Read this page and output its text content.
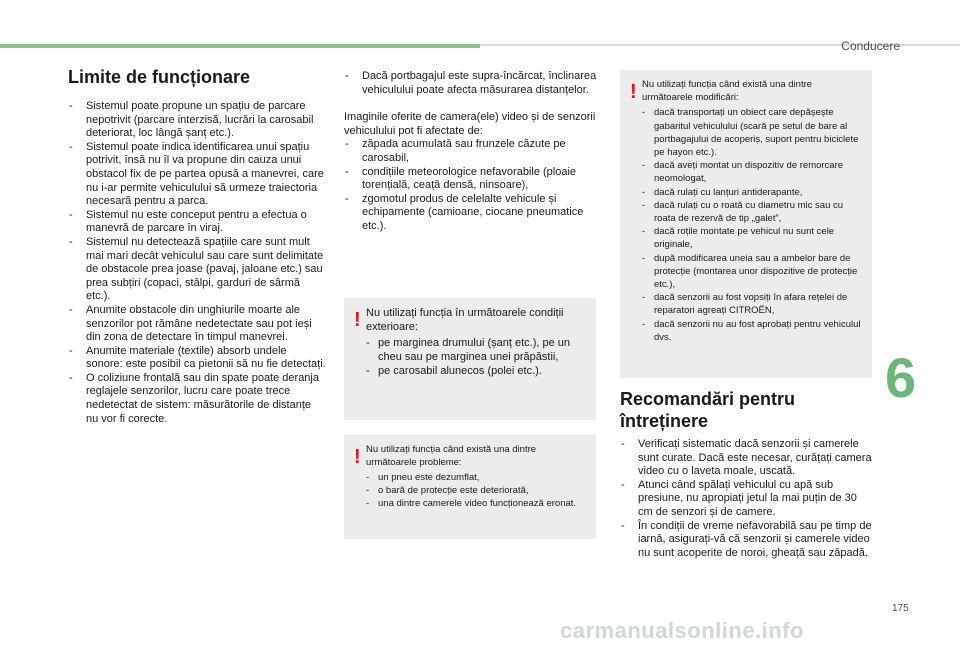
Conducere
6
Limite de funcționare
- Sistemul poate propune un spațiu de parcare nepotrivit (parcare interzisă, lucrări la carosabil deteriorat, loc lângă șanț etc.).
- Sistemul poate indica identificarea unui spațiu potrivit, însă nu îl va propune din cauza unui obstacol fix de pe partea opusă a manevrei, care nu i-ar permite vehiculului să urmeze traiectoria necesară pentru a parca.
- Sistemul nu este conceput pentru a efectua o manevră de parcare în viraj.
- Sistemul nu detectează spațiile care sunt mult mai mari decât vehiculul sau care sunt delimitate de obstacole prea joase (pavaj, jaloane etc.) sau prea subțiri (copaci, stâlpi, garduri de sârmă etc.).
- Anumite obstacole din unghiurile moarte ale senzorilor pot rămâne nedetectate sau pot ieși din zona de detectare în timpul manevrei.
- Anumite materiale (textile) absorb undele sonore: este posibil ca pietonii să nu fie detectați.
- O coliziune frontală sau din spate poate deranja reglajele senzorilor, lucru care poate trece nedetectat de sistem: măsurătorile de distanțe nu vor fi corecte.
- Dacă portbagajul este supra-încărcat, înclinarea vehiculului poate afecta măsurarea distanțelor.

Imaginile oferite de camera(ele) video și de senzorii vehiculului pot fi afectate de:

- zăpada acumulată sau frunzele căzute pe carosabil,
- condițiile meteorologice nefavorabile (ploaie torențială, ceață densă, ninsoare),
- zgomotul produs de celelalte vehicule și echipamente (camioane, ciocane pneumatice etc.).
! Nu utilizați funcția în următoarele condiții exterioare:

- pe marginea drumului (șanț etc.), pe un cheu sau pe marginea unei prăpăstii,
- pe carosabil alunecos (polei etc.).
! Nu utilizați funcția când există una dintre următoarele probleme:

- un pneu este dezumflat,
- o bară de protecție este deteriorată,
- una dintre camerele video funcționează eronat.
! Nu utilizați funcția când există una dintre următoarele modificări:

- dacă transportați un obiect care depășește gabaritul vehiculului (scară pe setul de bare al portbagajului de acoperiș, suport pentru biciclete pe hayon etc.).
- dacă aveți montat un dispozitiv de remorcare neomologat,
- dacă rulați cu lanțuri antiderapante,
- dacă rulați cu o roată cu diametru mic sau cu roata de rezervă de tip „galet”,
- dacă roțile montate pe vehicul nu sunt cele originale,
- după modificarea uneia sau a ambelor bare de protecție (montarea unor dispozitive de protecție etc.),
- dacă senzorii au fost vopsiți în afara rețelei de reparatori agreați CITROËN,
- dacă senzorii nu au fost aprobați pentru vehiculul dvs.
Recomandări pentru întreținere
- Verificați sistematic dacă senzorii și camerele sunt curate. Dacă este necesar, curățați camera video cu o laveta moale, uscată.
- Atunci când spălați vehiculul cu apă sub presiune, nu apropiați jetul la mai puțin de 30 cm de senzori și de camere.
- În condiții de vreme nefavorabilă sau pe timp de iarnă, asigurați-vă că senzorii și camerele video nu sunt acoperite de noroi, gheață sau zăpadă.
175
carmanualsonline.info
